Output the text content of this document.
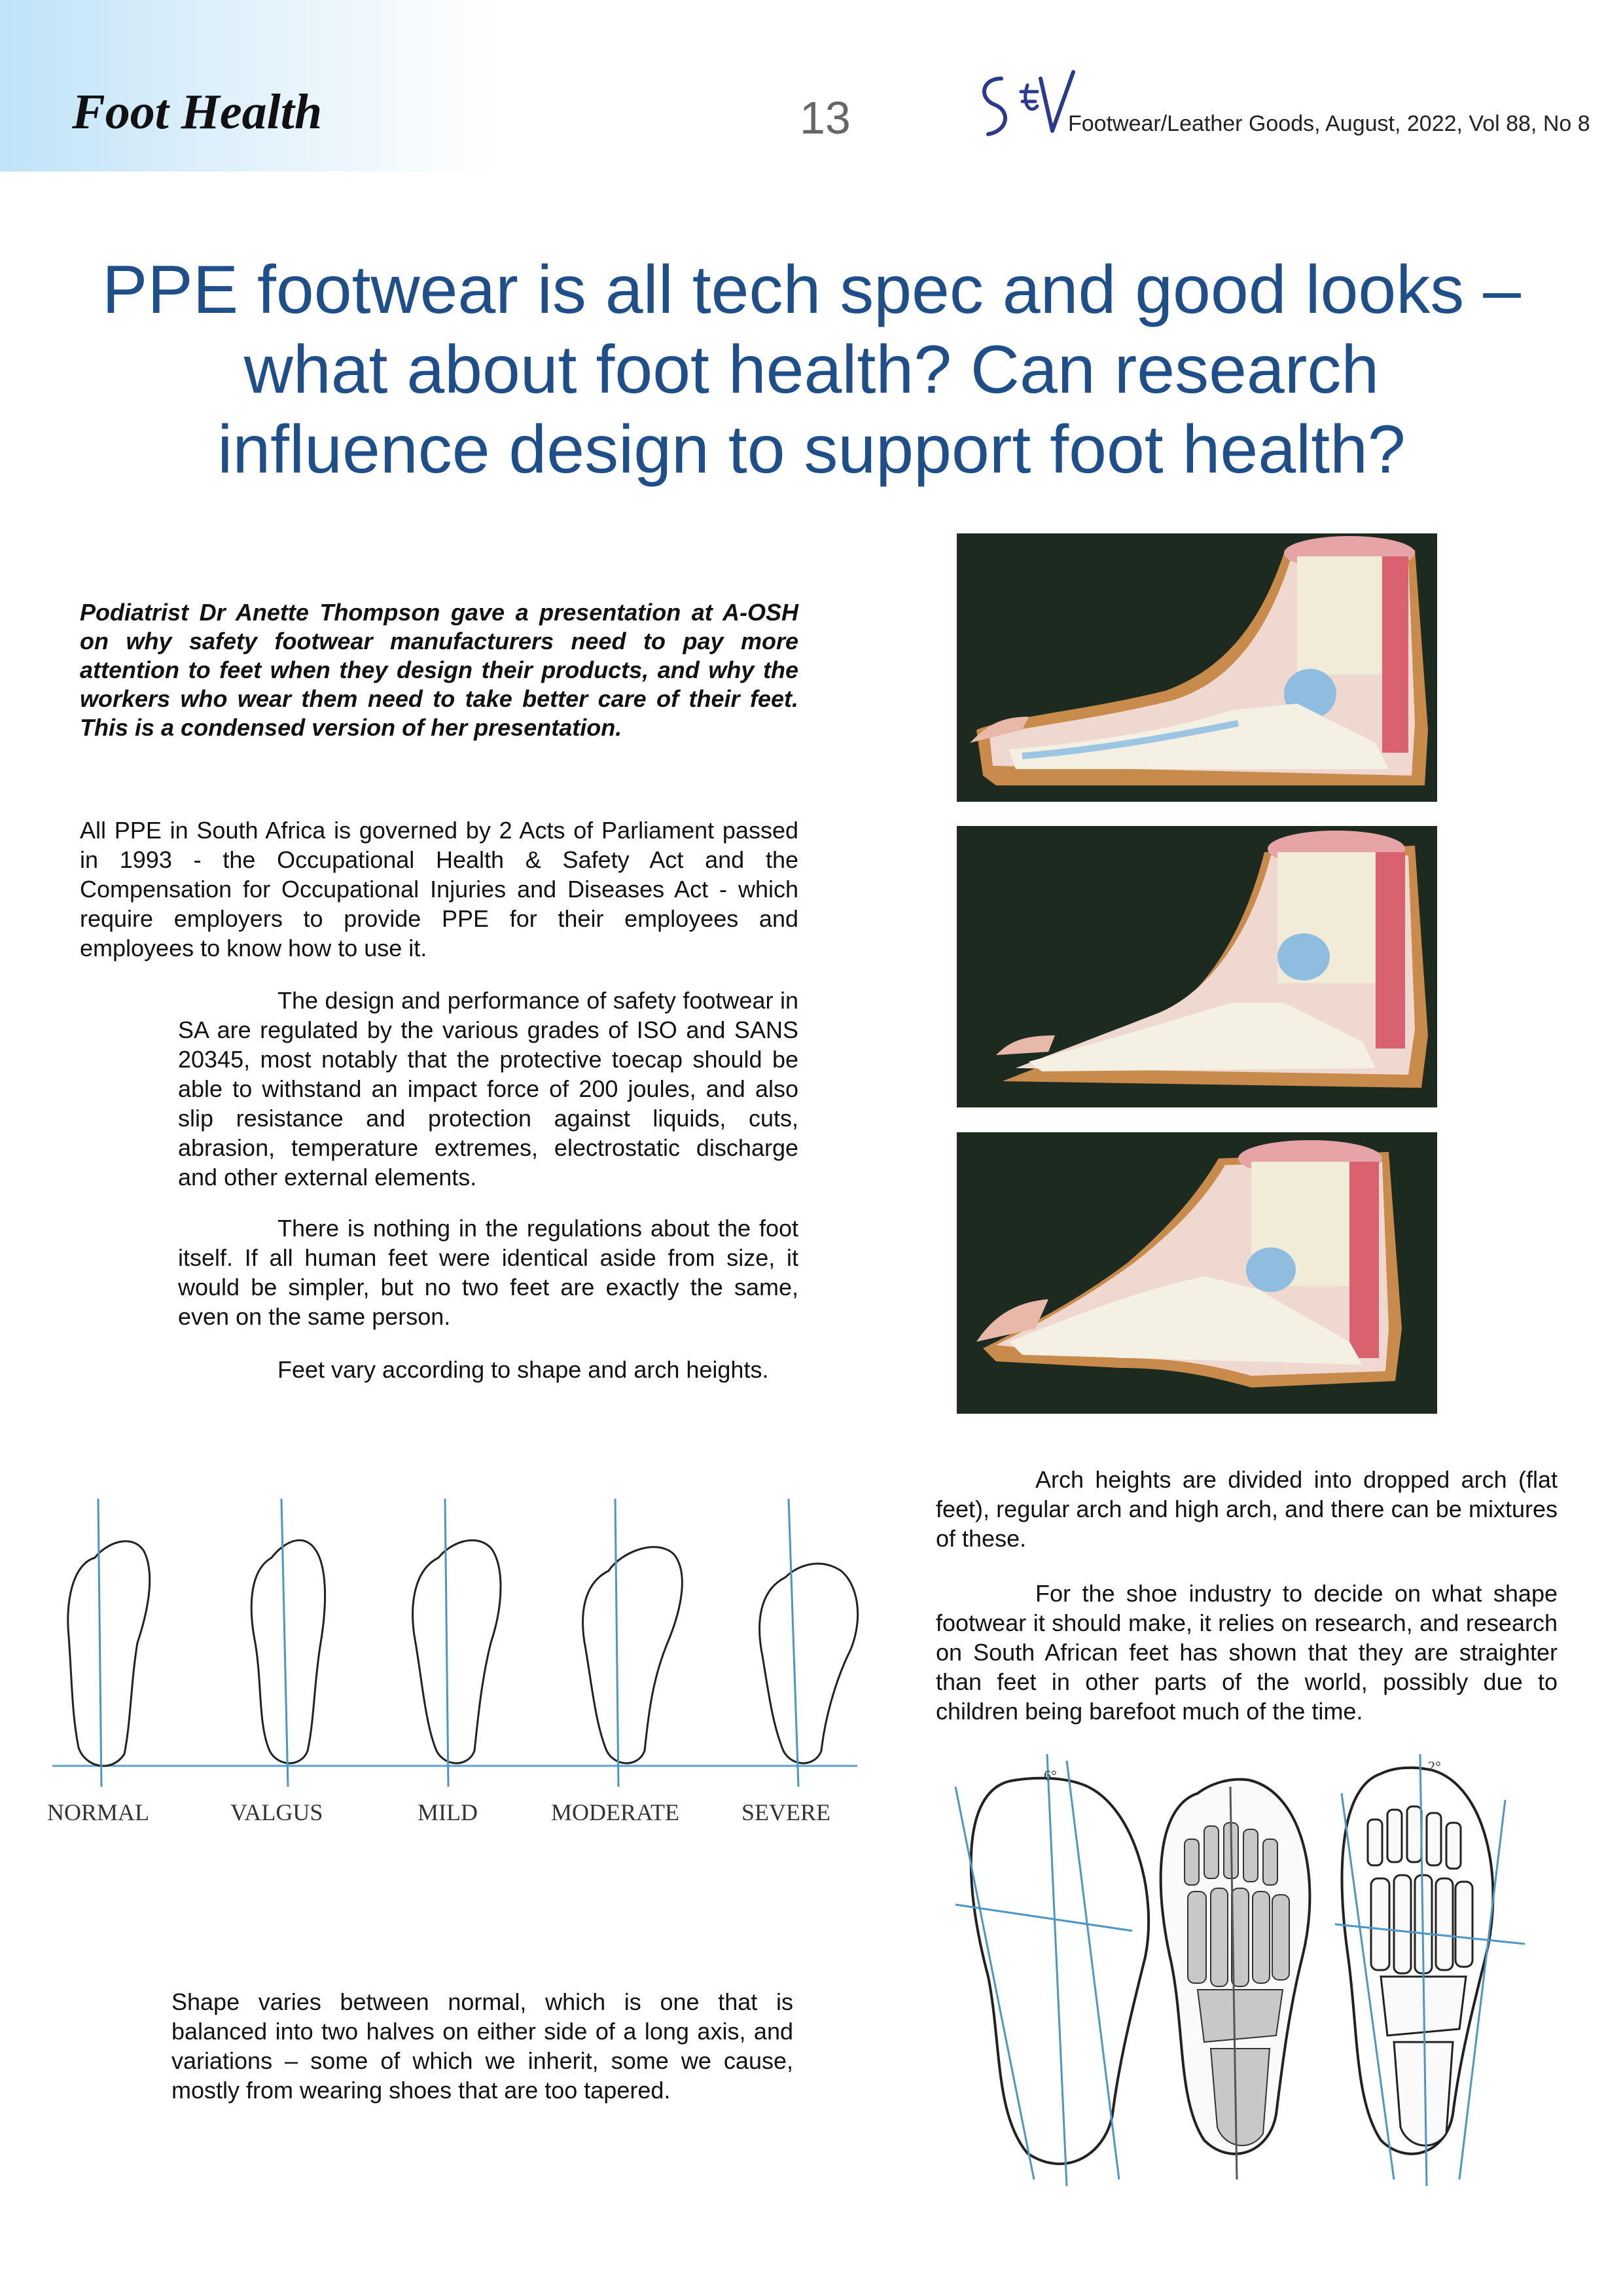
Foot Health	13	Footwear/Leather Goods, August, 2022, Vol 88, No 8
PPE footwear is all tech spec and good looks –
what about foot health? Can research
influence design to support foot health?
Podiatrist Dr Anette Thompson gave a presentation at A-OSH on why safety footwear manufacturers need to pay more attention to feet when they design their products, and why the workers who wear them need to take better care of their feet. This is a condensed version of her presentation.
All PPE in South Africa is governed by 2 Acts of Parliament passed in 1993 - the Occupational Health & Safety Act and the Compensation for Occupational Injuries and Diseases Act - which require employers to provide PPE for their employees and employees to know how to use it.
The design and performance of safety footwear in SA are regulated by the various grades of ISO and SANS 20345, most notably that the protective toecap should be able to withstand an impact force of 200 joules, and also slip resistance and protection against liquids, cuts, abrasion, temperature extremes, electrostatic discharge and other external elements.
There is nothing in the regulations about the foot itself. If all human feet were identical aside from size, it would be simpler, but no two feet are exactly the same, even on the same person.
Feet vary according to shape and arch heights.
Arch heights are divided into dropped arch (flat feet), regular arch and high arch, and there can be mixtures of these.
For the shoe industry to decide on what shape footwear it should make, it relies on research, and research on South African feet has shown that they are straighter than feet in other parts of the world, possibly due to children being barefoot much of the time.
Shape varies between normal, which is one that is balanced into two halves on either side of a long axis, and variations – some of which we inherit, some we cause, mostly from wearing shoes that are too tapered.
NORMAL	VALGUS	MILD	MODERATE	SEVERE
6°
2°
